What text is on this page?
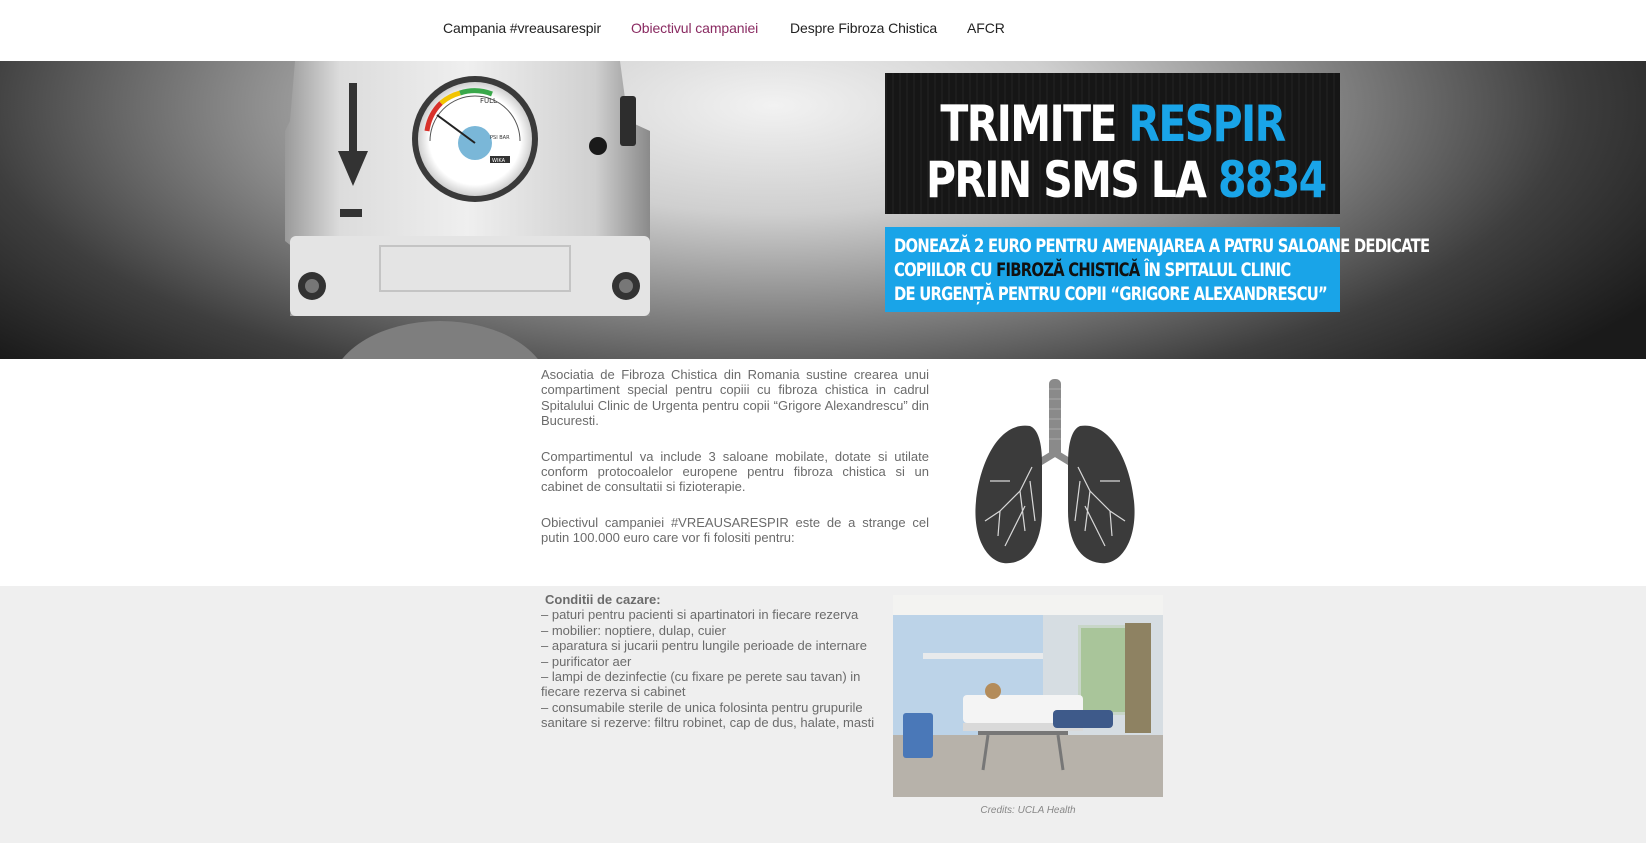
Campania #vreausarespir Obiectivul campaniei Despre Fibroza Chistica AFCR
FULL
PSI BAR
WIKA
TRIMITE RESPIR
PRIN SMS LA 8834
DONEAZĂ 2 EURO PENTRU AMENAJAREA A PATRU SALOANE DEDICATE
COPIILOR CU FIBROZĂ CHISTICĂ ÎN SPITALUL CLINIC
DE URGENȚĂ PENTRU COPII “GRIGORE ALEXANDRESCU”

Asociatia de Fibroza Chistica din Romania sustine crearea unui compartiment special pentru copiii cu fibroza chistica in cadrul Spitalului Clinic de Urgenta pentru copii “Grigore Alexandrescu” din Bucuresti.

Compartimentul va include 3 saloane mobilate, dotate si utilate conform protocoalelor europene pentru fibroza chistica si un cabinet de consultatii si fizioterapie.

Obiectivul campaniei #VREAUSARESPIR este de a strange cel putin 100.000 euro care vor fi folositi pentru:

Conditii de cazare:

– paturi pentru pacienti si apartinatori in fiecare rezerva

– mobilier: noptiere, dulap, cuier

– aparatura si jucarii pentru lungile perioade de internare

– purificator aer

– lampi de dezinfectie (cu fixare pe perete sau tavan) in fiecare rezerva si cabinet

– consumabile sterile de unica folosinta pentru grupurile sanitare si rezerve: filtru robinet, cap de dus, halate, masti

Credits: UCLA Health
